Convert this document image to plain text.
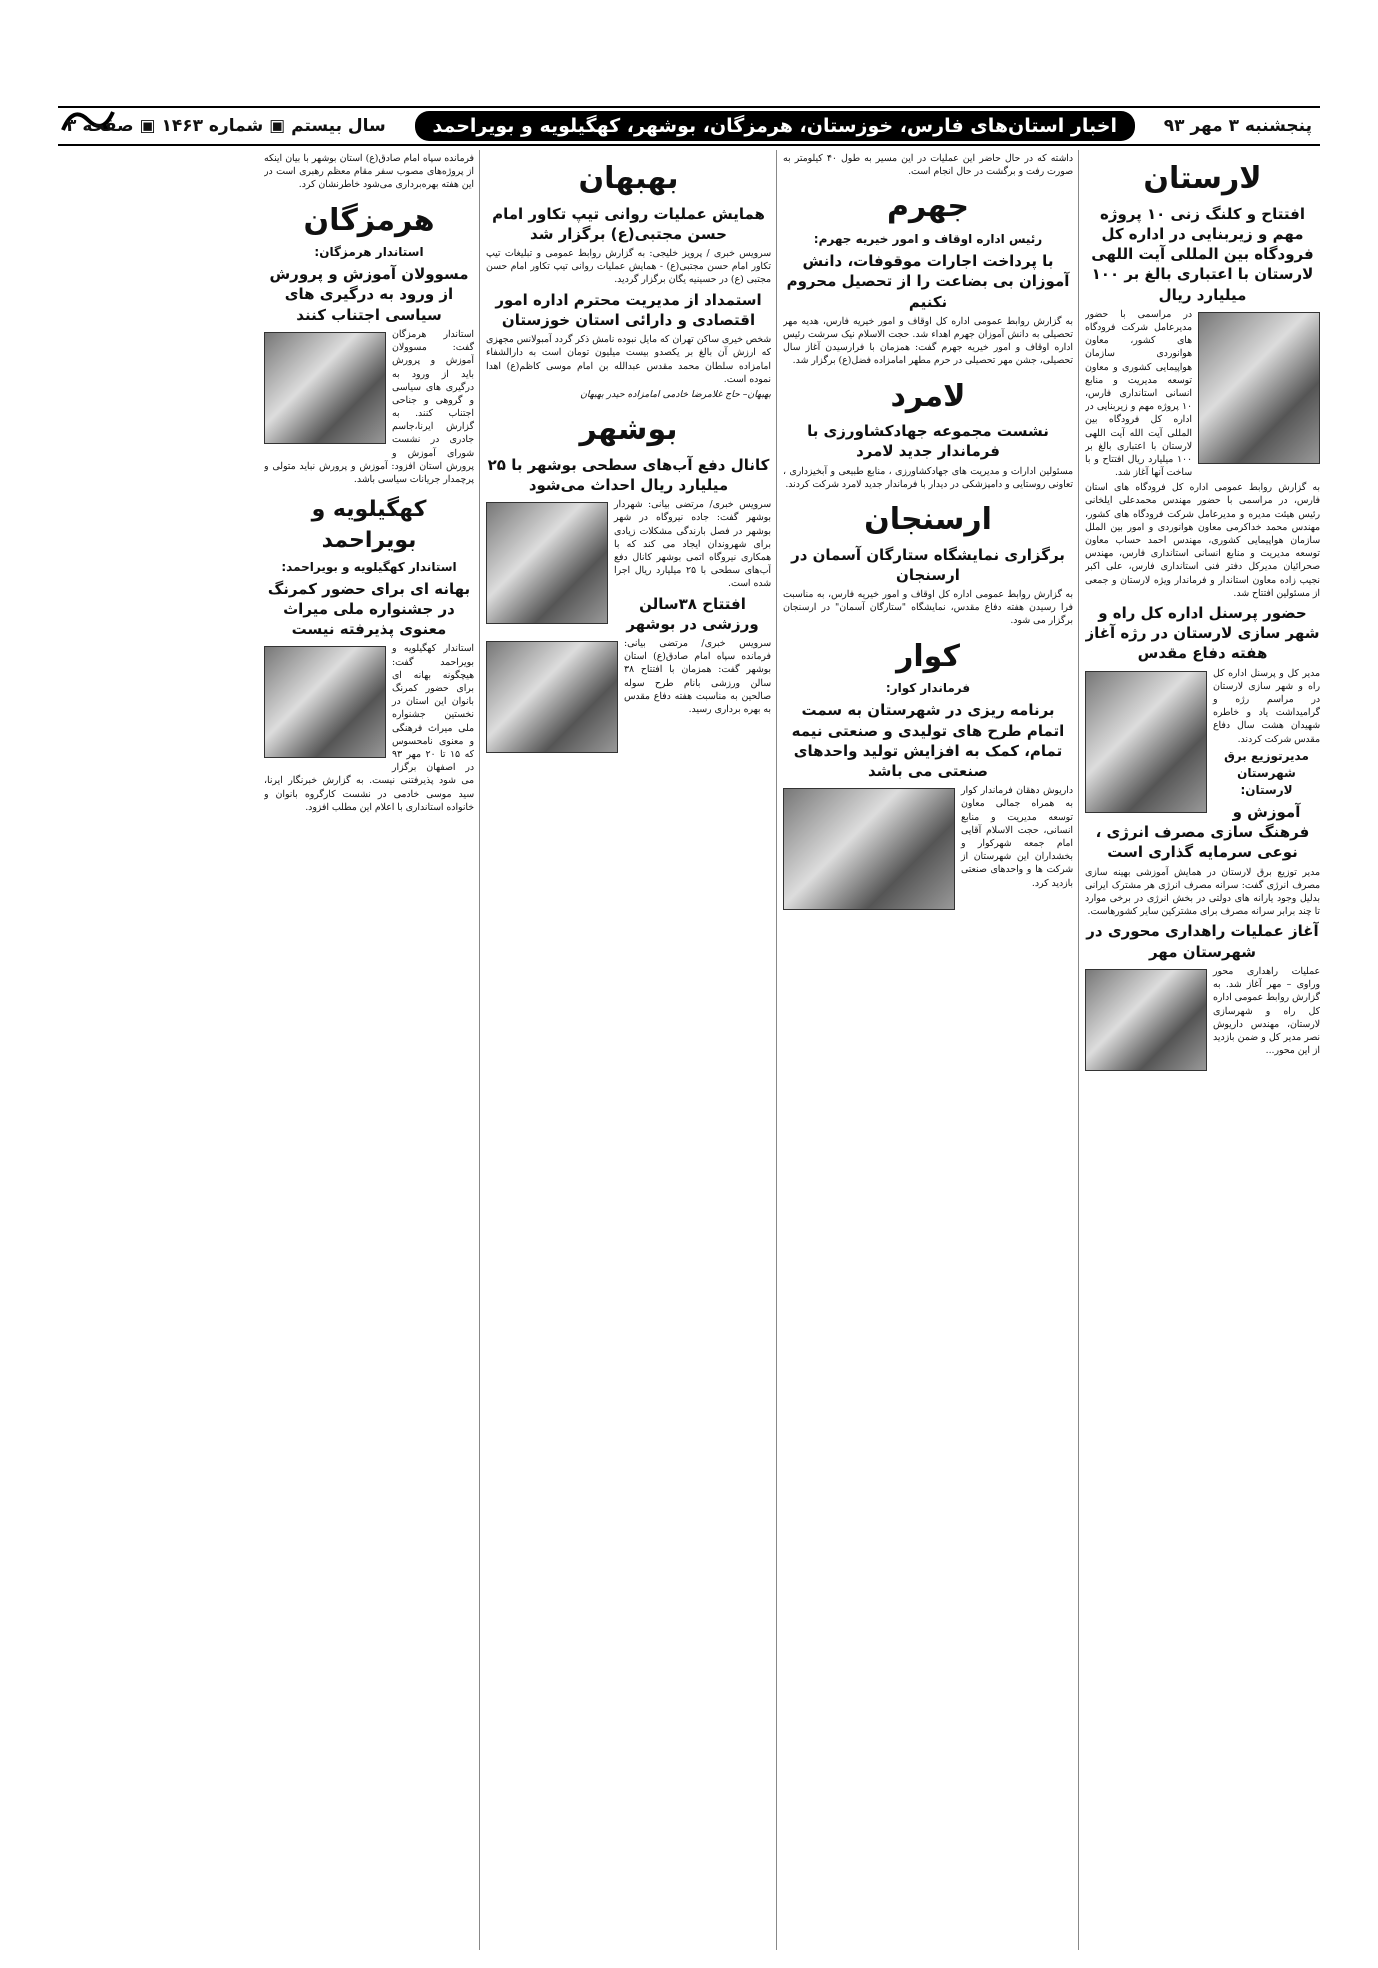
پنجشنبه ۳ مهر ۹۳
اخبار استان‌های فارس، خوزستان، هرمزگان، بوشهر، کهگیلویه و بویراحمد
سال بیستم ▣ شماره ۱۴۶۳ ▣ صفحه ۳
لارستان
افتتاح و کلنگ زنی ۱۰ پروژه مهم و زیربنایی در اداره کل فرودگاه بین المللی آیت اللهی لارستان با اعتباری بالغ بر ۱۰۰ میلیارد ریال

در مراسمی با حضور مدیرعامل شرکت فرودگاه های کشور، معاون هوانوردی سازمان هواپیمایی کشوری و معاون توسعه مدیریت و منابع انسانی استانداری فارس، ۱۰ پروژه مهم و زیربنایی در اداره کل فرودگاه بین المللی آیت الله آیت اللهی لارستان با اعتباری بالغ بر ۱۰۰ میلیارد ریال افتتاح و با ساخت آنها آغاز شد.

به گزارش روابط عمومی اداره کل فرودگاه های استان فارس، در مراسمی با حضور مهندس محمدعلی ایلخانی رئیس هیئت مدیره و مدیرعامل شرکت فرودگاه های کشور، مهندس محمد خداکرمی معاون هوانوردی و امور بین الملل سازمان هواپیمایی کشوری، مهندس احمد حساب معاون توسعه مدیریت و منابع انسانی استانداری فارس، مهندس صحرائیان مدیرکل دفتر فنی استانداری فارس، علی اکبر نجیب زاده معاون استاندار و فرماندار ویژه لارستان و جمعی از مسئولین افتتاح شد.

حضور پرسنل اداره کل راه و شهر سازی لارستان در رژه آغاز هفته دفاع مقدس

مدیر کل و پرسنل اداره کل راه و شهر سازی لارستان در مراسم رژه و گرامیداشت یاد و خاطره شهیدان هشت سال دفاع مقدس شرکت کردند.

مدیرتوزیع برق شهرستان لارستان:
آموزش و فرهنگ سازی مصرف انرژی ، نوعی سرمایه گذاری است

مدیر توزیع برق لارستان در همایش آموزشی بهینه سازی مصرف انرژی گفت: سرانه مصرف انرژی هر مشترک ایرانی بدلیل وجود یارانه های دولتی در بخش انرژی در برخی موارد تا چند برابر سرانه مصرف برای مشترکین سایر کشورهاست.

آغاز عملیات راهداری محوری در شهرستان مهر

عملیات راهداری محور وراوی – مهر آغاز شد. به گزارش روابط عمومی اداره کل راه و شهرسازی لارستان، مهندس داریوش نصر مدیر کل و ضمن بازدید از این محور...

داشته که در حال حاضر این عملیات در این مسیر به طول ۴۰ کیلومتر به صورت رفت و برگشت در حال انجام است.

جهرم
رئیس اداره اوقاف و امور خیریه جهرم:
با پرداخت اجارات موقوفات، دانش آموزان بی بضاعت را از تحصیل محروم نکنیم

به گزارش روابط عمومی اداره کل اوقاف و امور خیریه فارس، هدیه مهر تحصیلی به دانش آموزان جهرم اهداء شد. حجت الاسلام نیک سرشت رئیس اداره اوقاف و امور خیریه جهرم گفت: همزمان با فرارسیدن آغاز سال تحصیلی، جشن مهر تحصیلی در حرم مطهر امامزاده فضل(ع) برگزار شد.

لامرد
نشست مجموعه جهادکشاورزی با فرماندار جدید لامرد

مسئولین ادارات و مدیریت های جهادکشاورزی ، منابع طبیعی و آبخیزداری ، تعاونی روستایی و دامپزشکی در دیدار با فرماندار جدید لامرد شرکت کردند.

ارسنجان
برگزاری نمایشگاه ستارگان آسمان در ارسنجان

به گزارش روابط عمومی اداره کل اوقاف و امور خیریه فارس، به مناسبت فرا رسیدن هفته دفاع مقدس، نمایشگاه "ستارگان آسمان" در ارسنجان برگزار می شود.

کوار
فرماندار کوار:
برنامه ریزی در شهرستان به سمت اتمام طرح های تولیدی و صنعتی نیمه تمام، کمک به افزایش تولید واحدهای صنعتی می باشد

داریوش دهقان فرماندار کوار به همراه جمالی معاون توسعه مدیریت و منابع انسانی، حجت الاسلام آقایی امام جمعه شهرکوار و بخشداران این شهرستان از شرکت ها و واحدهای صنعتی بازدید کرد.

بهبهان
همایش عملیات روانی تیپ تکاور امام حسن مجتبی(ع) برگزار شد

سرویس خبری / پرویز خلیجی: به گزارش روابط عمومی و تبلیغات تیپ تکاور امام حسن مجتبی(ع) - همایش عملیات روانی تیپ تکاور امام حسن مجتبی (ع) در حسینیه یگان برگزار گردید.

استمداد از مدیریت محترم اداره امور اقتصادی و دارائی استان خوزستان

شخص خیری ساکن تهران که مایل نبوده نامش ذکر گردد آمبولانس مجهزی که ارزش آن بالغ بر یکصدو بیست میلیون تومان است به دارالشفاء امامزاده سلطان محمد مقدس عبدالله بن امام موسی کاظم(ع) اهدا نموده است.

بهبهان– حاج غلامرضا خادمی امامزاده حیدر بهبهان

بوشهر
کانال دفع آب‌های سطحی بوشهر با ۲۵ میلیارد ریال احداث می‌شود

سرویس خبری/ مرتضی بیانی: شهردار بوشهر گفت: جاده نیروگاه در شهر بوشهر در فصل بارندگی مشکلات زیادی برای شهروندان ایجاد می کند که با همکاری نیروگاه اتمی بوشهر کانال دفع آب‌های سطحی با ۲۵ میلیارد ریال اجرا شده است.

افتتاح ۳۸سالن ورزشی در بوشهر

سرویس خبری/ مرتضی بیانی: فرمانده سپاه امام صادق(ع) استان بوشهر گفت: همزمان با افتتاح ۳۸ سالن ورزشی بانام طرح سوله صالحین به مناسبت هفته دفاع مقدس به بهره برداری رسید.

فرمانده سپاه امام صادق(ع) استان بوشهر با بیان اینکه از پروژه‌های مصوب سفر مقام معظم رهبری است در این هفته بهره‌برداری می‌شود خاطرنشان کرد.

هرمزگان
استاندار هرمزگان:
مسوولان آموزش و پرورش از ورود به درگیری های سیاسی اجتناب کنند

استاندار هرمزگان گفت: مسوولان آموزش و پرورش باید از ورود به درگیری های سیاسی و گروهی و جناحی اجتناب کنند. به گزارش ایرنا،جاسم جادری در نشست شورای آموزش و پرورش استان افزود: آموزش و پرورش نباید متولی و پرچمدار جریانات سیاسی باشد.

کهگیلویه و بویراحمد
استاندار کهگیلویه و بویراحمد:
بهانه ای برای حضور کمرنگ در جشنواره ملی میراث معنوی پذیرفته نیست

استاندار کهگیلویه و بویراحمد گفت: هیچگونه بهانه ای برای حضور کمرنگ بانوان این استان در نخستین جشنواره ملی میراث فرهنگی و معنوی نامحسوس که ۱۵ تا ۲۰ مهر ۹۳ در اصفهان برگزار می شود پذیرفتنی نیست. به گزارش خبرنگار ایرنا، سید موسی خادمی در نشست کارگروه بانوان و خانواده استانداری با اعلام این مطلب افزود.
